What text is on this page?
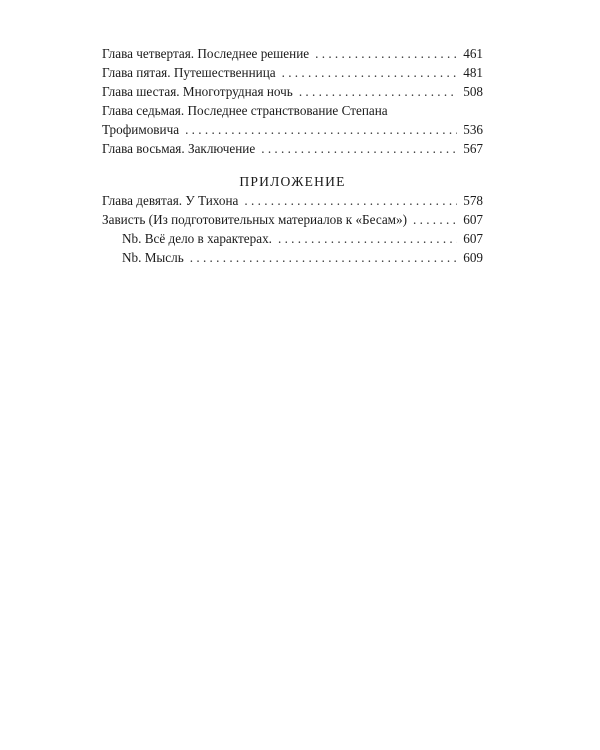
Глава четвертая. Последнее решение . . .	461
Глава пятая. Путешественница . . .	481
Глава шестая. Многотрудная ночь . . .	508
Глава седьмая. Последнее странствование Степана
Трофимовича . . .	536
Глава восьмая. Заключение . . .	567
ПРИЛОЖЕНИЕ
Глава девятая. У Тихона . . .	578
Зависть (Из подготовительных материалов к «Бесам») . . .	607
Nb. Всё дело в характерах. . . .	607
Nb. Мысль . . .	609
